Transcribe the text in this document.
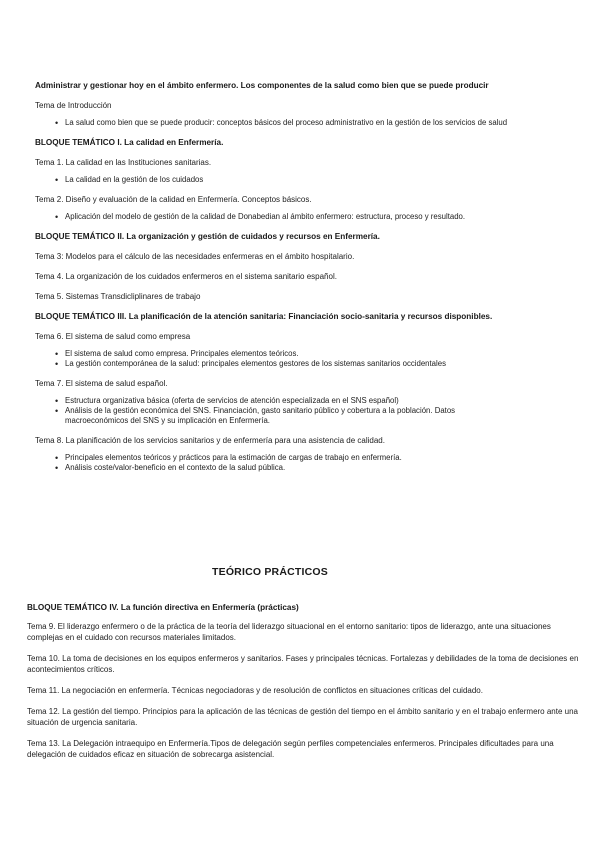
Administrar y gestionar hoy en el ámbito enfermero. Los componentes de la salud como bien que se puede producir
Tema de Introducción
• La salud como bien que se puede producir: conceptos básicos del proceso administrativo en la gestión de los servicios de salud
BLOQUE TEMÁTICO I. La calidad en Enfermería.
Tema 1. La calidad en las Instituciones sanitarias.
• La calidad en la gestión de los cuidados
Tema 2. Diseño y evaluación de la calidad en Enfermería. Conceptos básicos.
• Aplicación del modelo de gestión de la calidad de Donabedian al ámbito enfermero: estructura, proceso y resultado.
BLOQUE TEMÁTICO II. La organización y gestión de cuidados y recursos en Enfermería.
Tema 3: Modelos para el cálculo de las necesidades enfermeras en el ámbito hospitalario.
Tema 4. La organización de los cuidados enfermeros en el sistema sanitario español.
Tema 5. Sistemas Transdicliplinares de trabajo
BLOQUE TEMÁTICO III. La planificación de la atención sanitaria: Financiación socio-sanitaria y recursos disponibles.
Tema 6. El sistema de salud como empresa
• El sistema de salud como empresa. Principales elementos teóricos.
• La gestión contemporánea de la salud: principales elementos gestores de los sistemas sanitarios occidentales
Tema 7. El sistema de salud español.
• Estructura organizativa básica (oferta de servicios de atención especializada en el SNS español)
• Análisis de la gestión económica del SNS. Financiación, gasto sanitario público y cobertura a la población. Datos macroeconómicos del SNS y su implicación en Enfermería.
Tema 8. La planificación de los servicios sanitarios y de enfermería para una asistencia de calidad.
• Principales elementos teóricos y prácticos para la estimación de cargas de trabajo en enfermería.
• Análisis coste/valor-beneficio en el contexto de la salud pública.
TEÓRICO PRÁCTICOS
BLOQUE TEMÁTICO IV. La función directiva en Enfermería (prácticas)

Tema 9. El liderazgo enfermero o de la práctica de la teoría del liderazgo situacional en el entorno sanitario: tipos de liderazgo, ante una situaciones complejas en el cuidado con recursos materiales limitados.

Tema 10. La toma de decisiones en los equipos enfermeros y sanitarios. Fases y principales técnicas. Fortalezas y debilidades de la toma de decisiones en acontecimientos críticos.

Tema 11. La negociación en enfermería. Técnicas negociadoras y de resolución de conflictos en situaciones críticas del cuidado.

Tema 12. La gestión del tiempo. Principios para la aplicación de las técnicas de gestión del tiempo en el ámbito sanitario y en el trabajo enfermero ante una situación de urgencia sanitaria.

Tema 13. La Delegación intraequipo en Enfermería.Tipos de delegación según perfiles competenciales enfermeros. Principales dificultades para una delegación de cuidados eficaz en situación de sobrecarga asistencial.
